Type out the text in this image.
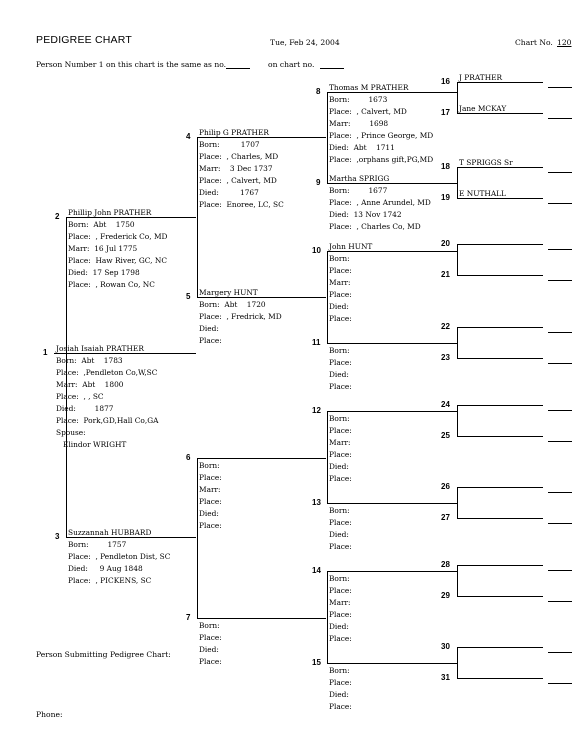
PEDIGREE CHART	Tue, Feb 24, 2004	Chart No. 120
Person Number 1 on this chart is the same as no.	on chart no.
Person Submitting Pedigree Chart:
Phone:
1 Josiah Isaiah PRATHER
Born:  Abt    1783
Place:  ,Pendleton Co,W,SC
Marr:  Abt    1800
Place:  , , SC
Died:        1877
Place:  Pork,GD,Hall Co,GA
Spouse:
Elindor WRIGHT
2 Phillip John PRATHER
Born:  Abt    1750
Place:  , Frederick Co, MD
Marr:  16 Jul 1775
Place:  Haw River, GC, NC
Died:  17 Sep 1798
Place:  , Rowan Co, NC
3 Suzzannah HUBBARD
Born:        1757
Place:  , Pendleton Dist, SC
Died:     9 Aug 1848
Place:  , PICKENS, SC
4 Philip G PRATHER
Born:         1707
Place:  , Charles, MD
Marr:    3 Dec 1737
Place:  , Calvert, MD
Died:         1767
Place:  Enoree, LC, SC
5 Margery HUNT
Born:  Abt    1720
Place:  , Fredrick, MD
Died:
Place:
6
Born:
Place:
Marr:
Place:
Died:
Place:
7
Born:
Place:
Died:
Place:
8 Thomas M PRATHER
Born:        1673
Place:  , Calvert, MD
Marr:        1698
Place:  , Prince George, MD
Died:  Abt    1711
Place:  ,orphans gift,PG,MD
9 Martha SPRIGG
Born:        1677
Place:  , Anne Arundel, MD
Died:  13 Nov 1742
Place:  , Charles Co, MD
10 John HUNT
Born:
Place:
Marr:
Place:
Died:
Place:
11
Born:
Place:
Died:
Place:
12
Born:
Place:
Marr:
Place:
Died:
Place:
13
Born:
Place:
Died:
Place:
14
Born:
Place:
Marr:
Place:
Died:
Place:
15
Born:
Place:
Died:
Place:
16 J PRATHER
17 Jane MCKAY
18 T SPRIGGS Sr
19 E NUTHALL
20
21
22
23
24
25
26
27
28
29
30
31
